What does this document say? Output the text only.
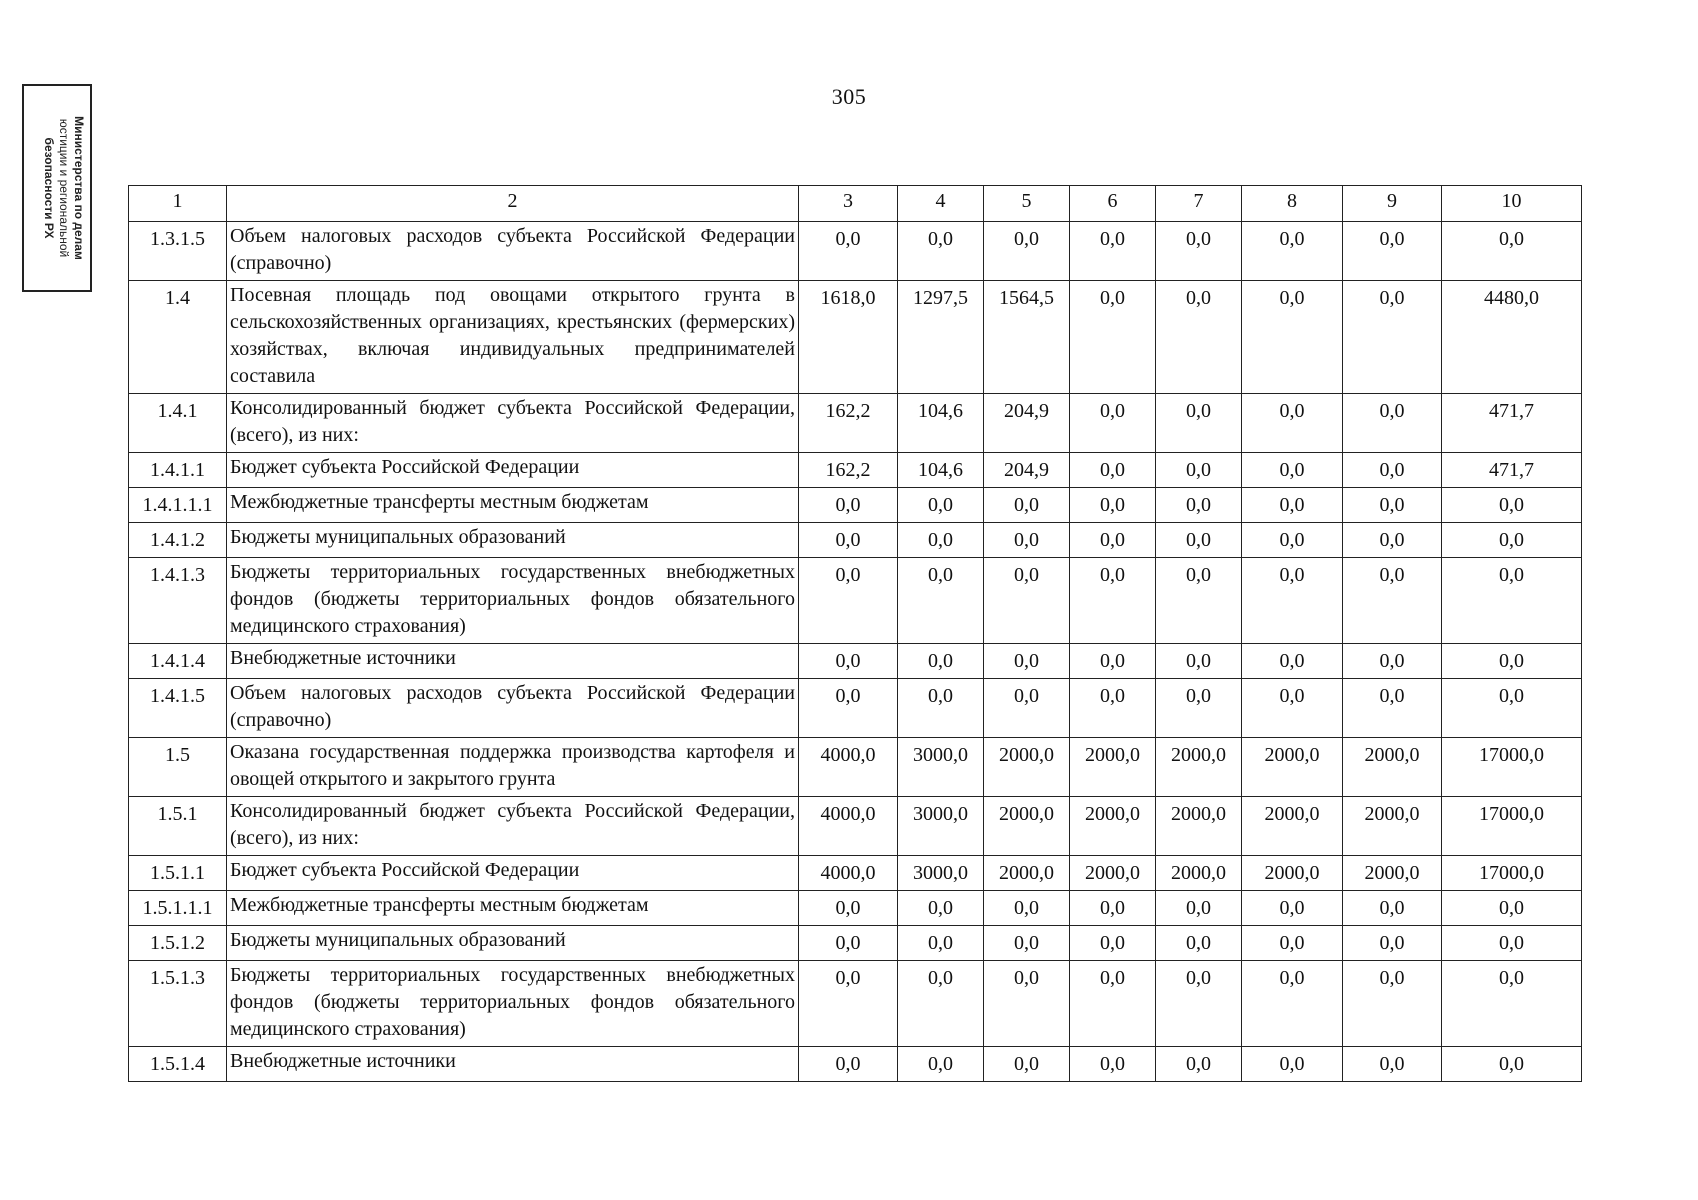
305
Министерства по делам
юстиции и региональной
безопасности РХ	1	2	3	4	5	6	7	8	9	10
1.3.1.5	Объем налоговых расходов субъекта Российской Федерации (справочно)	0,0	0,0	0,0	0,0	0,0	0,0	0,0	0,0
1.4	Посевная площадь под овощами открытого грунта в сельскохозяйственных организациях, крестьянских (фермерских) хозяйствах, включая индивидуальных предпринимателей составила	1618,0	1297,5	1564,5	0,0	0,0	0,0	0,0	4480,0
1.4.1	Консолидированный бюджет субъекта Российской Федерации, (всего), из них:	162,2	104,6	204,9	0,0	0,0	0,0	0,0	471,7
1.4.1.1	Бюджет субъекта Российской Федерации	162,2	104,6	204,9	0,0	0,0	0,0	0,0	471,7
1.4.1.1.1	Межбюджетные трансферты местным бюджетам	0,0	0,0	0,0	0,0	0,0	0,0	0,0	0,0
1.4.1.2	Бюджеты муниципальных образований	0,0	0,0	0,0	0,0	0,0	0,0	0,0	0,0
1.4.1.3	Бюджеты территориальных государственных внебюджетных фондов (бюджеты территориальных фондов обязательного медицинского страхования)	0,0	0,0	0,0	0,0	0,0	0,0	0,0	0,0
1.4.1.4	Внебюджетные источники	0,0	0,0	0,0	0,0	0,0	0,0	0,0	0,0
1.4.1.5	Объем налоговых расходов субъекта Российской Федерации (справочно)	0,0	0,0	0,0	0,0	0,0	0,0	0,0	0,0
1.5	Оказана государственная поддержка производства картофеля и овощей открытого и закрытого грунта	4000,0	3000,0	2000,0	2000,0	2000,0	2000,0	2000,0	17000,0
1.5.1	Консолидированный бюджет субъекта Российской Федерации, (всего), из них:	4000,0	3000,0	2000,0	2000,0	2000,0	2000,0	2000,0	17000,0
1.5.1.1	Бюджет субъекта Российской Федерации	4000,0	3000,0	2000,0	2000,0	2000,0	2000,0	2000,0	17000,0
1.5.1.1.1	Межбюджетные трансферты местным бюджетам	0,0	0,0	0,0	0,0	0,0	0,0	0,0	0,0
1.5.1.2	Бюджеты муниципальных образований	0,0	0,0	0,0	0,0	0,0	0,0	0,0	0,0
1.5.1.3	Бюджеты территориальных государственных внебюджетных фондов (бюджеты территориальных фондов обязательного медицинского страхования)	0,0	0,0	0,0	0,0	0,0	0,0	0,0	0,0
1.5.1.4	Внебюджетные источники	0,0	0,0	0,0	0,0	0,0	0,0	0,0	0,0
